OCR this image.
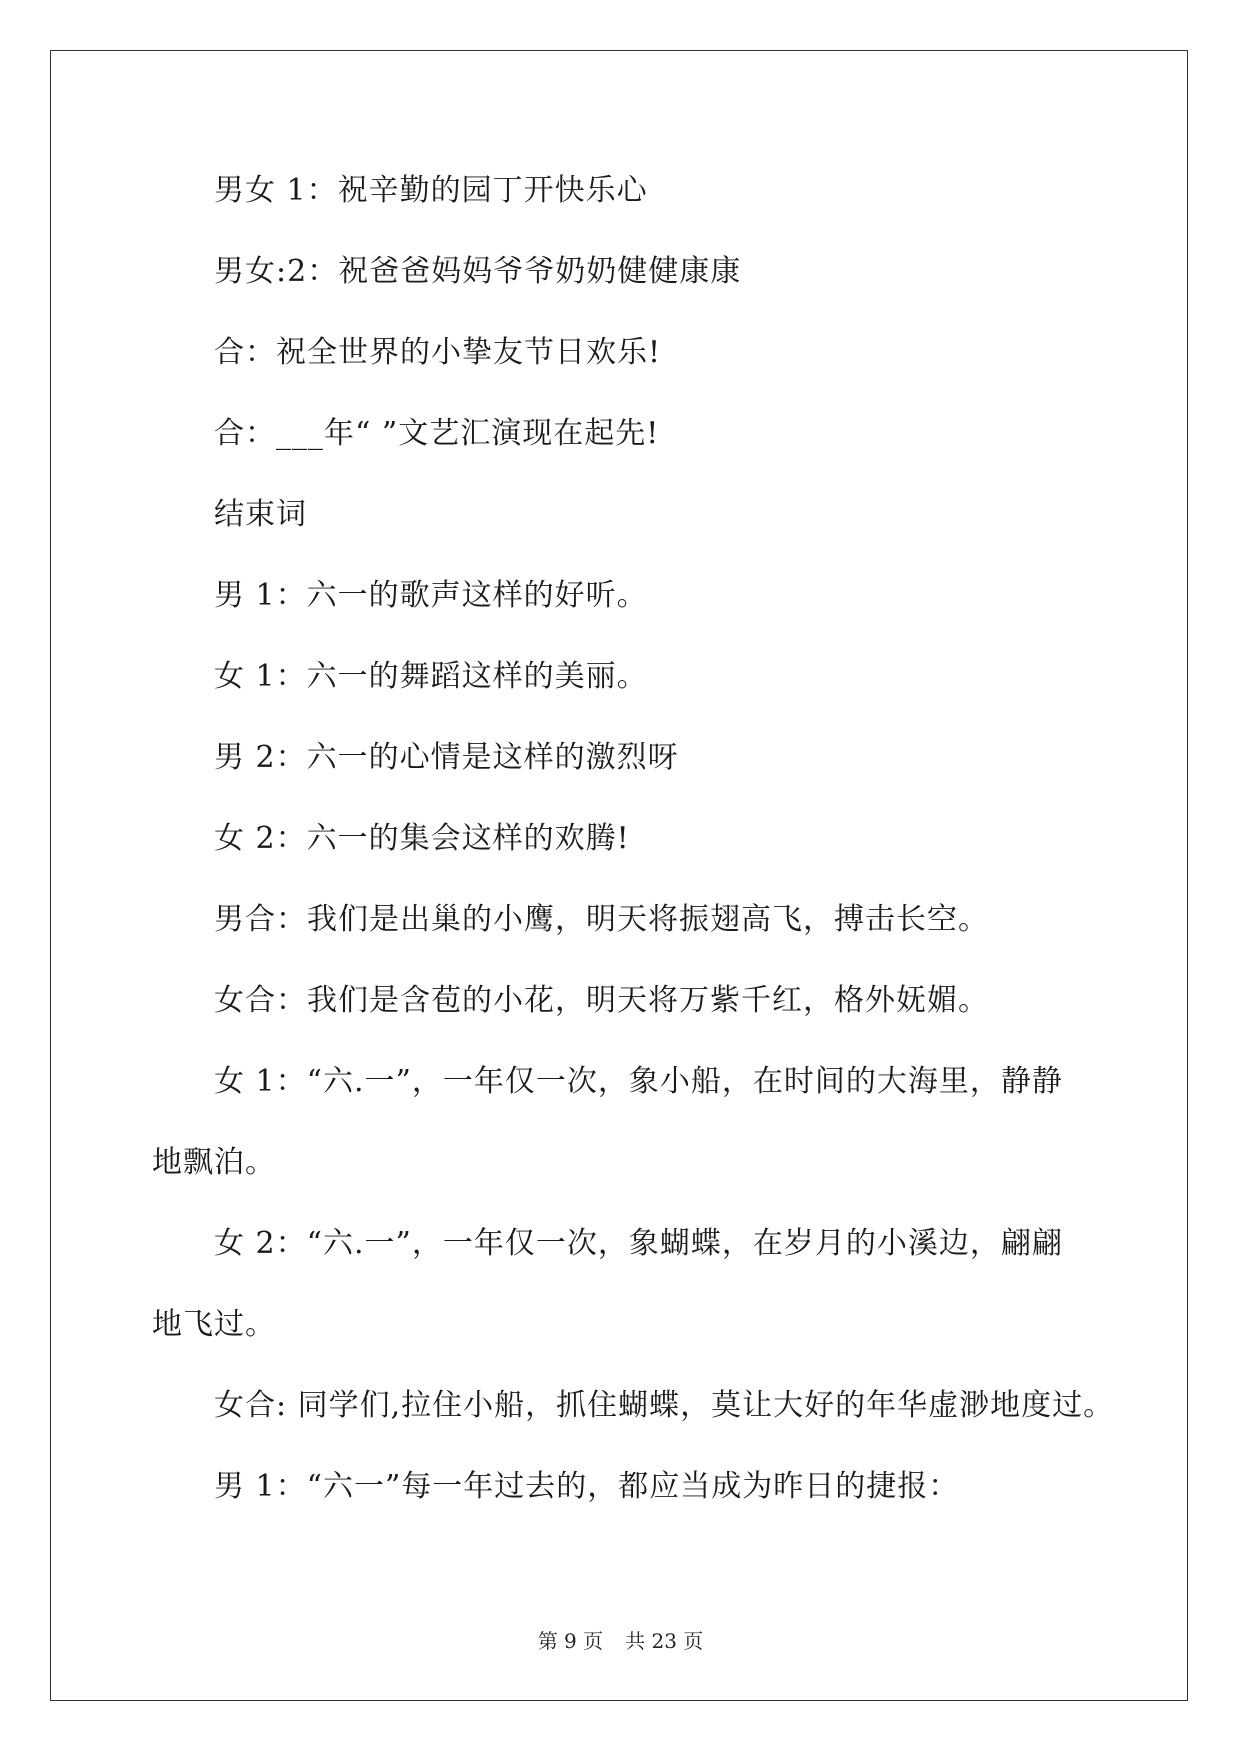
男女 1：祝辛勤的园丁开快乐心
男女:2：祝爸爸妈妈爷爷奶奶健健康康
合：祝全世界的小挚友节日欢乐!
合：___年“ ”文艺汇演现在起先!
结束词
男 1：六一的歌声这样的好听。
女 1：六一的舞蹈这样的美丽。
男 2：六一的心情是这样的激烈呀
女 2：六一的集会这样的欢腾!
男合：我们是出巢的小鹰，明天将振翅高飞，搏击长空。
女合：我们是含苞的小花，明天将万紫千红，格外妩媚。
女 1：“六.一”，一年仅一次，象小船，在时间的大海里，静静
地飘泊。
女 2：“六.一”，一年仅一次，象蝴蝶，在岁月的小溪边，翩翩
地飞过。
女合: 同学们,拉住小船，抓住蝴蝶，莫让大好的年华虚渺地度过。
男 1：“六一”每一年过去的，都应当成为昨日的捷报：
第 9 页 共 23 页
